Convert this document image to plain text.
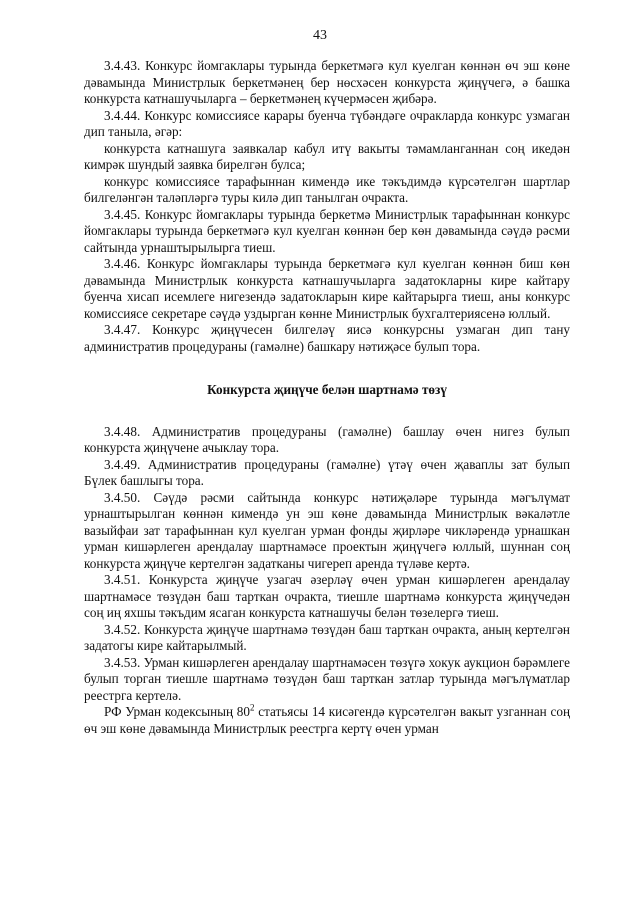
43

3.4.43. Конкурс йомгаклары турында беркетмәгә кул куелган көннән өч эш көне дәвамында Министрлык беркетмәнең бер нөсхәсен конкурста җиңүчегә, ә башка конкурста катнашучыларга – беркетмәнең күчермәсен җибәрә.

3.4.44. Конкурс комиссиясе карары буенча түбәндәге очракларда конкурс узмаган дип таныла, әгәр:

конкурста катнашуга заявкалар кабул итү вакыты тәмамланганнан соң икедән кимрәк шундый заявка бирелгән булса;

конкурс комиссиясе тарафыннан кимендә ике тәкъдимдә күрсәтелгән шартлар билгеләнгән таләпләргә туры килә дип танылган очракта.

3.4.45. Конкурс йомгаклары турында беркетмә Министрлык тарафыннан конкурс йомгаклары турында беркетмәгә кул куелган көннән бер көн дәвамында сәүдә рәсми сайтында урнаштырылырга тиеш.

3.4.46. Конкурс йомгаклары турында беркетмәгә кул куелган көннән биш көн дәвамында Министрлык конкурста катнашучыларга задатокларны кире кайтару буенча хисап исемлеге нигезендә задатокларын кире кайтарырга тиеш, аны конкурс комиссиясе секретаре сәүдә уздырган көнне Министрлык бухгалтериясенә юллый.

3.4.47. Конкурс җиңүчесен билгеләү яисә конкурсны узмаган дип тану административ процедураны (гамәлне) башкару нәтиҗәсе булып тора.

Конкурста җиңүче белән шартнамә төзү

3.4.48. Административ процедураны (гамәлне) башлау өчен нигез булып конкурста җиңүчене ачыклау тора.

3.4.49. Административ процедураны (гамәлне) үтәү өчен җаваплы зат булып Бүлек башлыгы тора.

3.4.50. Сәүдә рәсми сайтында конкурс нәтиҗәләре турында мәгълүмат урнаштырылган көннән кимендә ун эш көне дәвамында Министрлык вәкаләтле вазыйфаи зат тарафыннан кул куелган урман фонды җирләре чикләрендә урнашкан урман кишәрлеген арендалау шартнамәсе проектын җиңүчегә юллый, шуннан соң конкурста җиңүче кертелгән задатканы чигереп аренда түләве кертә.

3.4.51. Конкурста җиңүче узагач әзерләү өчен урман кишәрлеген арендалау шартнамәсе төзүдән баш тарткан очракта, тиешле шартнамә конкурста җиңүчедән соң иң яхшы тәкъдим ясаган конкурста катнашучы белән төзелергә тиеш.

3.4.52. Конкурста җиңүче шартнамә төзүдән баш тарткан очракта, аның кертелгән задатогы кире кайтарылмый.

3.4.53. Урман кишәрлеген арендалау шартнамәсен төзүгә хокук аукцион бәрәмлеге булып торган тиешле шартнамә төзүдән баш тарткан затлар турында мәгълүматлар реестрга кертелә.

РФ Урман кодексының $80^2$ статьясы 14 кисәгендә күрсәтелгән вакыт узганнан соң өч эш көне дәвамында Министрлык реестрга кертү өчен урман
